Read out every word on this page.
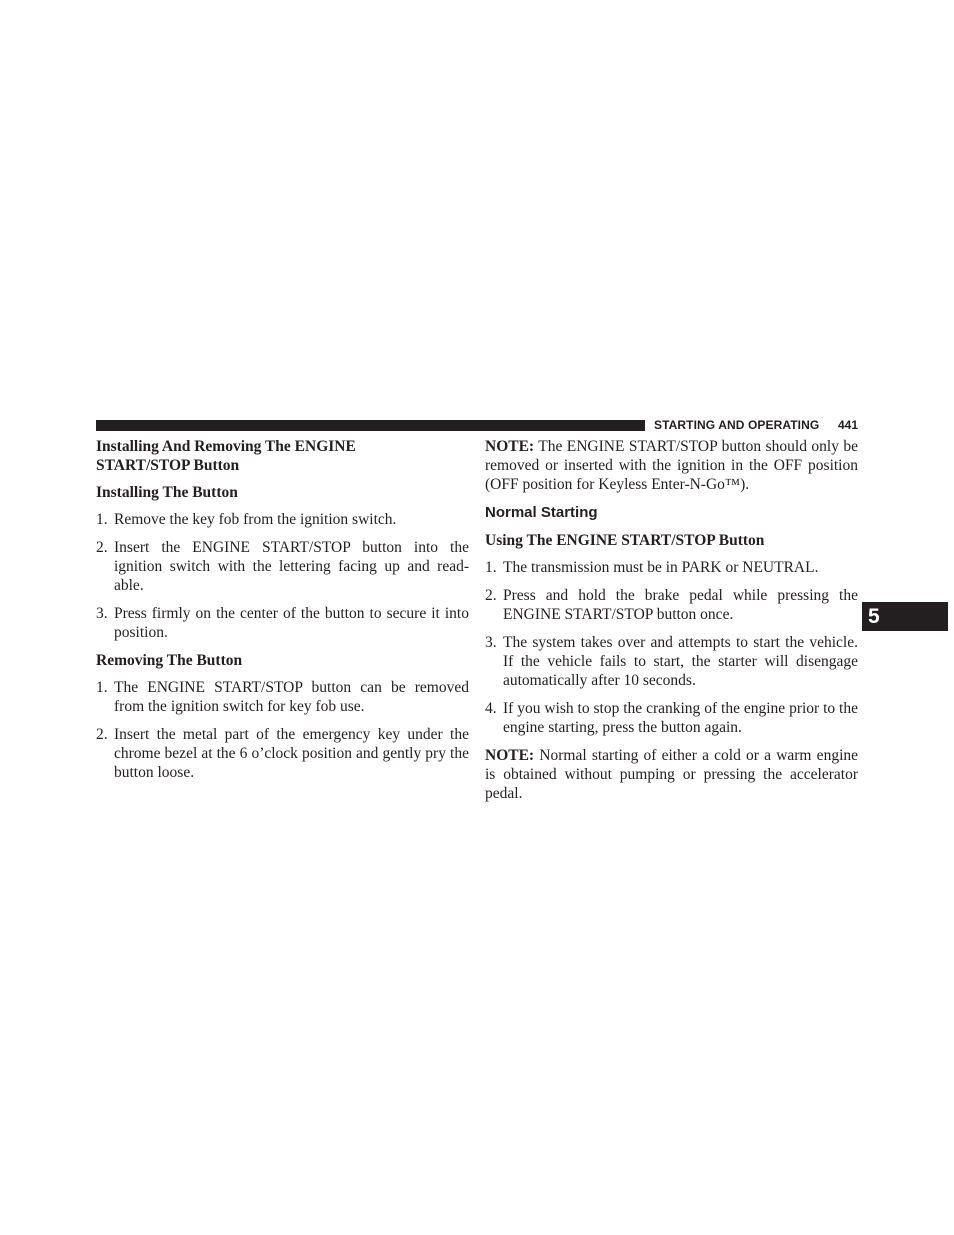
STARTING AND OPERATING 441
5
Installing And Removing The ENGINE
START/STOP Button
Installing The Button
1. Remove the key fob from the ignition switch.
2. Insert the ENGINE START/STOP button into the ignition switch with the lettering facing up and read-able.
3. Press firmly on the center of the button to secure it into position.
Removing The Button
1. The ENGINE START/STOP button can be removed from the ignition switch for key fob use.
2. Insert the metal part of the emergency key under the chrome bezel at the 6 o’clock position and gently pry the button loose.

NOTE: The ENGINE START/STOP button should only be removed or inserted with the ignition in the OFF position (OFF position for Keyless Enter-N-Go™).

Normal Starting
Using The ENGINE START/STOP Button
1. The transmission must be in PARK or NEUTRAL.
2. Press and hold the brake pedal while pressing the ENGINE START/STOP button once.
3. The system takes over and attempts to start the vehicle. If the vehicle fails to start, the starter will disengage automatically after 10 seconds.
4. If you wish to stop the cranking of the engine prior to the engine starting, press the button again.

NOTE: Normal starting of either a cold or a warm engine is obtained without pumping or pressing the accelerator pedal.
